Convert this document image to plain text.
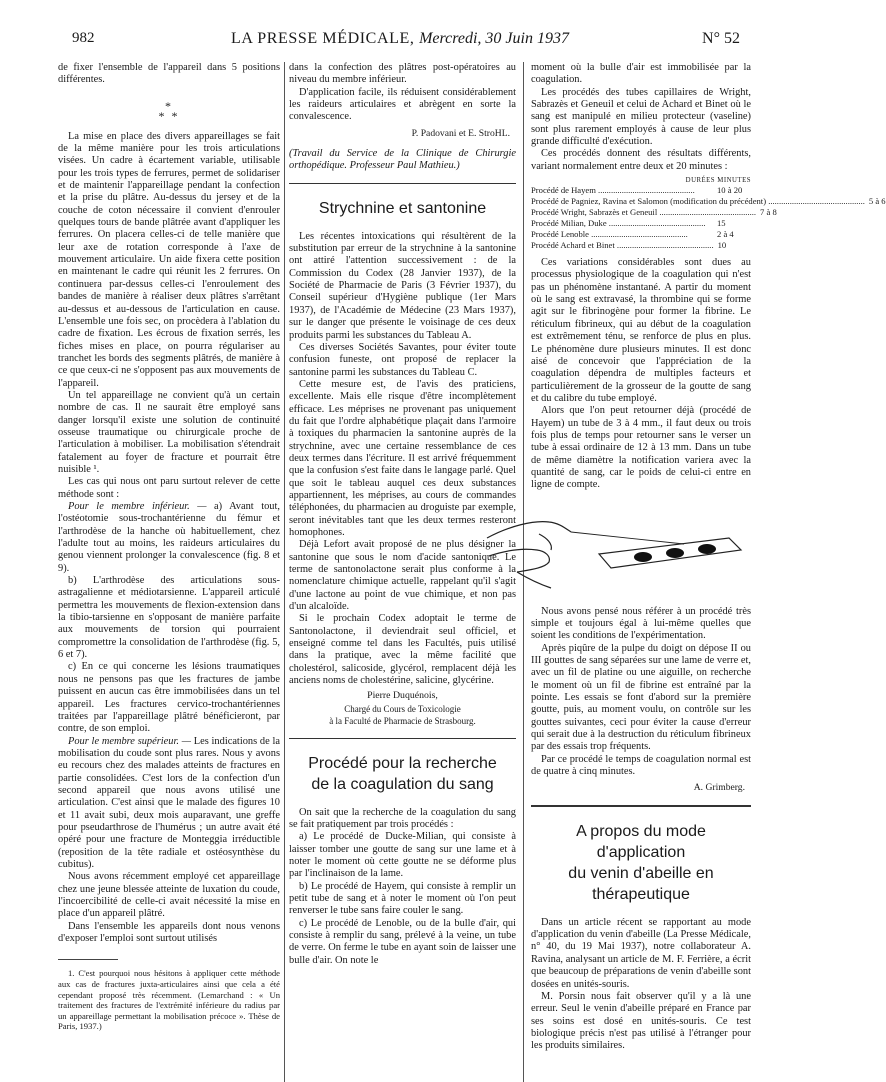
982	LA PRESSE MÉDICALE, Mercredi, 30 Juin 1937	N° 52

de fixer l'ensemble de l'appareil dans 5 positions différentes.

*
* *

La mise en place des divers appareillages se fait de la même manière pour les trois articulations visées. Un cadre à écartement variable, utilisable pour les trois types de ferrures, permet de solidariser et de maintenir l'appareillage pendant la confection et la prise du plâtre. Au-dessus du jersey et de la couche de coton nécessaire il convient d'enrouler quelques tours de bande plâtrée avant d'appliquer les ferrures. On placera celles-ci de telle manière que leur axe de rotation corresponde à l'axe de mouvement articulaire. Un aide fixera cette position en maintenant le cadre qui réunit les 2 ferrures. On continuera par-dessus celles-ci l'enroulement des bandes de manière à réaliser deux plâtres s'arrêtant au-dessus et au-dessous de l'articulation en cause. L'ensemble une fois sec, on procèdera à l'ablation du cadre de fixation. Les écrous de fixation serrés, les fiches mises en place, on pourra régulariser au tranchet les bords des segments plâtrés, de manière à ce que ceux-ci ne s'opposent pas aux mouvements de l'appareil.

Un tel appareillage ne convient qu'à un certain nombre de cas. Il ne saurait être employé sans danger lorsqu'il existe une solution de continuité osseuse traumatique ou chirurgicale proche de l'articulation à mobiliser. La mobilisation s'étendrait fatalement au foyer de fracture et pourrait être nuisible ¹.

Les cas qui nous ont paru surtout relever de cette méthode sont :

Pour le membre inférieur. — a) Avant tout, l'ostéotomie sous-trochantérienne du fémur et l'arthrodèse de la hanche où habituellement, chez l'adulte tout au moins, les raideurs articulaires du genou viennent prolonger la convalescence (fig. 8 et 9).

b) L'arthrodèse des articulations sous-astragalienne et médiotarsienne. L'appareil articulé permettra les mouvements de flexion-extension dans la tibio-tarsienne en s'opposant de manière parfaite aux mouvements de torsion qui pourraient compromettre la consolidation de l'arthrodèse (fig. 5, 6 et 7).

c) En ce qui concerne les lésions traumatiques nous ne pensons pas que les fractures de jambe puissent en aucun cas être immobilisées dans un tel appareil. Les fractures cervico-trochantériennes traitées par l'appareillage plâtré bénéficieront, par contre, de son emploi.

Pour le membre supérieur. — Les indications de la mobilisation du coude sont plus rares. Nous y avons eu recours chez des malades atteints de fractures en partie consolidées. C'est lors de la confection d'un second appareil que nous avons utilisé une articulation. C'est ainsi que le malade des figures 10 et 11 avait subi, deux mois auparavant, une greffe pour pseudarthrose de l'humérus ; un autre avait été opéré pour une fracture de Monteggia irréductible (reposition de la tête radiale et ostéosynthèse du cubitus).

Nous avons récemment employé cet appareillage chez une jeune blessée atteinte de luxation du coude, l'incoercibilité de celle-ci avait nécessité la mise en place d'un appareil plâtré.

Dans l'ensemble les appareils dont nous venons d'exposer l'emploi sont surtout utilisés

1. C'est pourquoi nous hésitons à appliquer cette méthode aux cas de fractures juxta-articulaires ainsi que cela a été cependant proposé très récemment. (Lemarchand : « Un traitement des fractures de l'extrémité inférieure du radius par un appareillage permettant la mobilisation précoce ». Thèse de Paris, 1937.)

dans la confection des plâtres post-opératoires au niveau du membre inférieur.

D'application facile, ils réduisent considérablement les raideurs articulaires et abrègent en sorte la convalescence.

P. Padovani et E. StroHL.

(Travail du Service de la Clinique de Chirurgie orthopédique. Professeur Paul Mathieu.)

Strychnine et santonine

Les récentes intoxications qui résultèrent de la substitution par erreur de la strychnine à la santonine ont attiré l'attention successivement : de la Commission du Codex (28 Janvier 1937), de la Société de Pharmacie de Paris (3 Février 1937), du Conseil supérieur d'Hygiène publique (1er Mars 1937), de l'Académie de Médecine (23 Mars 1937), sur le danger que présente le voisinage de ces deux produits parmi les substances du Tableau A.

Ces diverses Sociétés Savantes, pour éviter toute confusion funeste, ont proposé de replacer la santonine parmi les substances du Tableau C.

Cette mesure est, de l'avis des praticiens, excellente. Mais elle risque d'être incomplètement efficace. Les méprises ne provenant pas uniquement du fait que l'ordre alphabétique plaçait dans l'armoire à toxiques du pharmacien la santonine auprès de la strychnine, avec une certaine ressemblance de ces deux termes dans l'écriture. Il est arrivé fréquemment que la confusion s'est faite dans le langage parlé. Quel que soit le tableau auquel ces deux substances appartiennent, les méprises, au cours de commandes téléphonées, du pharmacien au droguiste par exemple, seront inévitables tant que les deux termes resteront homophones.

Déjà Lefort avait proposé de ne plus désigner la santonine que sous le nom d'acide santonique. Le terme de santonolactone serait plus conforme à la nomenclature chimique actuelle, rappelant qu'il s'agit d'une lactone au point de vue chimique, et non pas d'un alcaloïde.

Si le prochain Codex adoptait le terme de Santonolactone, il deviendrait seul officiel, et enseigné comme tel dans les Facultés, puis utilisé dans la pratique, avec la même facilité que cholestérol, salicoside, glycérol, remplacent déjà les anciens noms de cholestérine, salicine, glycérine.

Pierre Duquénois,
Chargé du Cours de Toxicologie
à la Faculté de Pharmacie de Strasbourg.
Procédé pour la recherche
de la coagulation du sang

On sait que la recherche de la coagulation du sang se fait pratiquement par trois procédés :

a) Le procédé de Ducke-Milian, qui consiste à laisser tomber une goutte de sang sur une lame et à noter le moment où cette goutte ne se déforme plus par l'inclinaison de la lame.

b) Le procédé de Hayem, qui consiste à remplir un petit tube de sang et à noter le moment où l'on peut renverser le tube sans faire couler le sang.

c) Le procédé de Lenoble, ou de la bulle d'air, qui consiste à remplir du sang, prélevé à la veine, un tube de verre. On ferme le tube en ayant soin de laisser une bulle d'air. On note le

moment où la bulle d'air est immobilisée par la coagulation.

Les procédés des tubes capillaires de Wright, Sabrazès et Geneuil et celui de Achard et Binet où le sang est manipulé en milieu protecteur (vaseline) sont plus rarement employés à cause de leur plus grande difficulté d'exécution.

Ces procédés donnent des résultats différents, variant normalement entre deux et 20 minutes :

DURÉES MINUTES
Procédé de Hayem .....	10 à 20
Procédé de Pagniez, Ravina et Salomon (modification du précédent) .....	5 à 6
Procédé Wright, Sabrazès et Geneuil .....	7 à 8
Procédé Milian, Duke .....	15
Procédé Lenoble .....	2 à 4
Procédé Achard et Binet .....	10

Ces variations considérables sont dues au processus physiologique de la coagulation qui n'est pas un phénomène instantané. A partir du moment où le sang est extravasé, la thrombine qui se forme agit sur le fibrinogène pour former la fibrine. Le réticulum fibrineux, qui au début de la coagulation est extrêmement ténu, se renforce de plus en plus. Le phénomène dure plusieurs minutes. Il est donc aisé de concevoir que l'appréciation de la coagulation dépendra de multiples facteurs et particulièrement de la grosseur de la goutte de sang et du calibre du tube employé.

Alors que l'on peut retourner déjà (procédé de Hayem) un tube de 3 à 4 mm., il faut deux ou trois fois plus de temps pour retourner sans le verser un tube à essai ordinaire de 12 à 13 mm. Dans un tube de même diamètre la notification variera avec la quantité de sang, car le poids de celui-ci entre en ligne de compte.

Nous avons pensé nous référer à un procédé très simple et toujours égal à lui-même quelles que soient les conditions de l'expérimentation.

Après piqûre de la pulpe du doigt on dépose II ou III gouttes de sang séparées sur une lame de verre et, avec un fil de platine ou une aiguille, on recherche le moment où un fil de fibrine est entraîné par la pointe. Les essais se font d'abord sur la première goutte, puis, au moment voulu, on contrôle sur les gouttes suivantes, ceci pour éviter la cause d'erreur qui serait due à la destruction du réticulum fibrineux par des essais trop fréquents.

Par ce procédé le temps de coagulation normal est de quatre à cinq minutes.

A. Grimberg.
A propos du mode d'application
du venin d'abeille en thérapeutique

Dans un article récent se rapportant au mode d'application du venin d'abeille (La Presse Médicale, n° 40, du 19 Mai 1937), notre collaborateur A. Ravina, analysant un article de M. F. Ferrière, a écrit que beaucoup de préparations de venin d'abeille sont dosées en unités-souris.

M. Porsin nous fait observer qu'il y a là une erreur. Seul le venin d'abeille préparé en France par ses soins est dosé en unités-souris. Ce test biologique précis n'est pas utilisé à l'étranger pour les produits similaires.
